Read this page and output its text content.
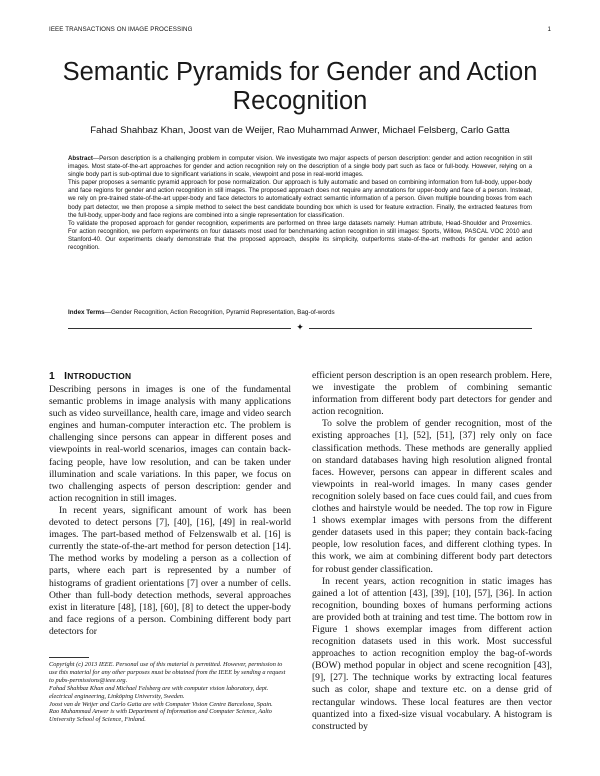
IEEE TRANSACTIONS ON IMAGE PROCESSING	1
Semantic Pyramids for Gender and Action Recognition
Fahad Shahbaz Khan, Joost van de Weijer, Rao Muhammad Anwer, Michael Felsberg, Carlo Gatta

Abstract—Person description is a challenging problem in computer vision. We investigate two major aspects of person description: gender and action recognition in still images. Most state-of-the-art approaches for gender and action recognition rely on the description of a single body part such as face or full-body. However, relying on a single body part is sub-optimal due to significant variations in scale, viewpoint and pose in real-world images.

This paper proposes a semantic pyramid approach for pose normalization. Our approach is fully automatic and based on combining information from full-body, upper-body and face regions for gender and action recognition in still images. The proposed approach does not require any annotations for upper-body and face of a person. Instead, we rely on pre-trained state-of-the-art upper-body and face detectors to automatically extract semantic information of a person. Given multiple bounding boxes from each body part detector, we then propose a simple method to select the best candidate bounding box which is used for feature extraction. Finally, the extracted features from the full-body, upper-body and face regions are combined into a single representation for classification.

To validate the proposed approach for gender recognition, experiments are performed on three large datasets namely: Human attribute, Head-Shoulder and Proxemics. For action recognition, we perform experiments on four datasets most used for benchmarking action recognition in still images: Sports, Willow, PASCAL VOC 2010 and Stanford-40. Our experiments clearly demonstrate that the proposed approach, despite its simplicity, outperforms state-of-the-art methods for gender and action recognition.

Index Terms—Gender Recognition, Action Recognition, Pyramid Representation, Bag-of-words
✦
1 INTRODUCTION

Describing persons in images is one of the fundamental semantic problems in image analysis with many applications such as video surveillance, health care, image and video search engines and human-computer interaction etc. The problem is challenging since persons can appear in different poses and viewpoints in real-world scenarios, images can contain back-facing people, have low resolution, and can be taken under illumination and scale variations. In this paper, we focus on two challenging aspects of person description: gender and action recognition in still images.

In recent years, significant amount of work has been devoted to detect persons [7], [40], [16], [49] in real-world images. The part-based method of Felzenswalb et al. [16] is currently the state-of-the-art method for person detection [14]. The method works by modeling a person as a collection of parts, where each part is represented by a number of histograms of gradient orientations [7] over a number of cells. Other than full-body detection methods, several approaches exist in literature [48], [18], [60], [8] to detect the upper-body and face regions of a person. Combining different body part detectors for

efficient person description is an open research problem. Here, we investigate the problem of combining semantic information from different body part detectors for gender and action recognition.

To solve the problem of gender recognition, most of the existing approaches [1], [52], [51], [37] rely only on face classification methods. These methods are generally applied on standard databases having high resolution aligned frontal faces. However, persons can appear in different scales and viewpoints in real-world images. In many cases gender recognition solely based on face cues could fail, and cues from clothes and hairstyle would be needed. The top row in Figure 1 shows exemplar images with persons from the different gender datasets used in this paper; they contain back-facing people, low resolution faces, and different clothing types. In this work, we aim at combining different body part detectors for robust gender classification.

In recent years, action recognition in static images has gained a lot of attention [43], [39], [10], [57], [36]. In action recognition, bounding boxes of humans performing actions are provided both at training and test time. The bottom row in Figure 1 shows exemplar images from different action recognition datasets used in this work. Most successful approaches to action recognition employ the bag-of-words (BOW) method popular in object and scene recognition [43], [9], [27]. The technique works by extracting local features such as color, shape and texture etc. on a dense grid of rectangular windows. These local features are then vector quantized into a fixed-size visual vocabulary. A histogram is constructed by

Copyright (c) 2013 IEEE. Personal use of this material is permitted. However, permission to use this material for any other purposes must be obtained from the IEEE by sending a request to pubs-permissions@ieee.org.

Fahad Shahbaz Khan and Michael Felsberg are with computer vision laboratory, dept. electrical engineering, Linköping University, Sweden.

Joost van de Weijer and Carlo Gatta are with Computer Vision Centre Barcelona, Spain.

Rao Muhammad Anwer is with Department of Information and Computer Science, Aalto University School of Science, Finland.
